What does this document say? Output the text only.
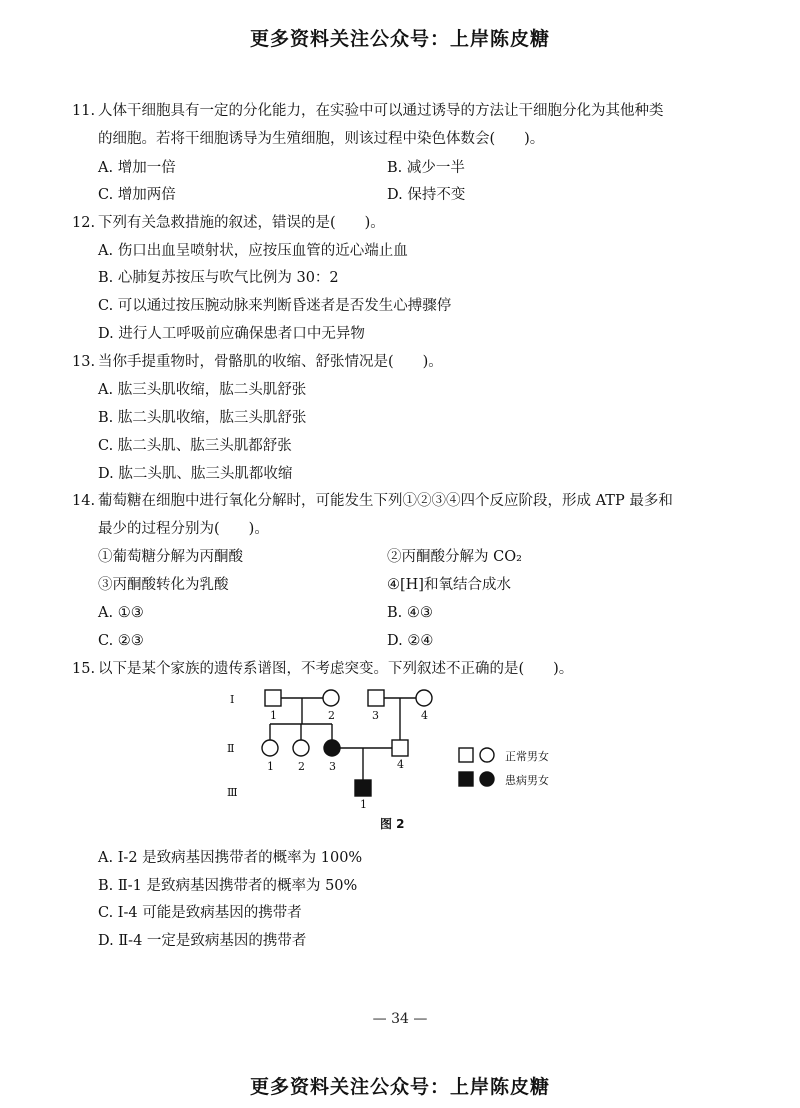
更多资料关注公众号：上岸陈皮糖
11. 人体干细胞具有一定的分化能力，在实验中可以通过诱导的方法让干细胞分化为其他种类
的细胞。若将干细胞诱导为生殖细胞，则该过程中染色体数会(　　)。
A. 增加一倍	B. 减少一半
C. 增加两倍	D. 保持不变
12. 下列有关急救措施的叙述，错误的是(　　)。
A. 伤口出血呈喷射状，应按压血管的近心端止血
B. 心肺复苏按压与吹气比例为 30：2
C. 可以通过按压腕动脉来判断昏迷者是否发生心搏骤停
D. 进行人工呼吸前应确保患者口中无异物
13. 当你手提重物时，骨骼肌的收缩、舒张情况是(　　)。
A. 肱三头肌收缩，肱二头肌舒张
B. 肱二头肌收缩，肱三头肌舒张
C. 肱二头肌、肱三头肌都舒张
D. 肱二头肌、肱三头肌都收缩
14. 葡萄糖在细胞中进行氧化分解时，可能发生下列①②③④四个反应阶段，形成 ATP 最多和
最少的过程分别为(　　)。
①葡萄糖分解为丙酮酸	②丙酮酸分解为 CO₂
③丙酮酸转化为乳酸	④[H]和氧结合成水
A. ①③	B. ④③
C. ②③	D. ②④
15. 以下是某个家族的遗传系谱图，不考虑突变。下列叙述不正确的是(　　)。
Ⅰ
Ⅱ
Ⅲ
1	2	3	4
1 2 3	4
1
正常男女
患病男女
图 2
A. Ⅰ-2 是致病基因携带者的概率为 100%
B. Ⅱ-1 是致病基因携带者的概率为 50%
C. Ⅰ-4 可能是致病基因的携带者
D. Ⅱ-4 一定是致病基因的携带者
— 34 —
更多资料关注公众号：上岸陈皮糖
